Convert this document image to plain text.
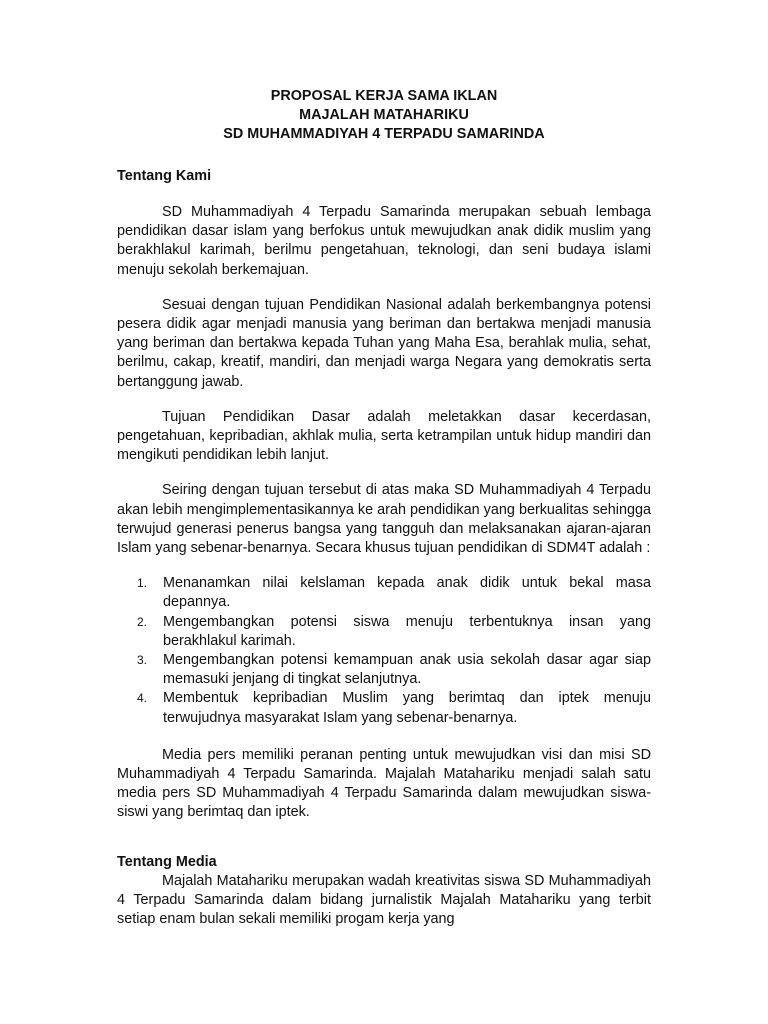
PROPOSAL KERJA SAMA IKLAN
MAJALAH MATAHARIKU
SD MUHAMMADIYAH 4 TERPADU SAMARINDA
Tentang Kami

SD Muhammadiyah 4 Terpadu Samarinda merupakan sebuah lembaga pendidikan dasar islam yang berfokus untuk mewujudkan anak didik muslim yang berakhlakul karimah, berilmu pengetahuan, teknologi, dan seni budaya islami menuju sekolah berkemajuan.

Sesuai dengan tujuan Pendidikan Nasional adalah berkembangnya potensi pesera didik agar menjadi manusia yang beriman dan bertakwa menjadi manusia yang beriman dan bertakwa kepada Tuhan yang Maha Esa, berahlak mulia, sehat, berilmu, cakap, kreatif, mandiri, dan menjadi warga Negara yang demokratis serta bertanggung jawab.

Tujuan Pendidikan Dasar adalah meletakkan dasar kecerdasan, pengetahuan, kepribadian, akhlak mulia, serta ketrampilan untuk hidup mandiri dan mengikuti pendidikan lebih lanjut.

Seiring dengan tujuan tersebut di atas maka SD Muhammadiyah 4 Terpadu akan lebih mengimplementasikannya ke arah pendidikan yang berkualitas sehingga terwujud generasi penerus bangsa yang tangguh dan melaksanakan ajaran-ajaran Islam yang sebenar-benarnya. Secara khusus tujuan pendidikan di SDM4T adalah :

1. Menanamkan nilai kelslaman kepada anak didik untuk bekal masa depannya.
2. Mengembangkan potensi siswa menuju terbentuknya insan yang berakhlakul karimah.
3. Mengembangkan potensi kemampuan anak usia sekolah dasar agar siap memasuki jenjang di tingkat selanjutnya.
4. Membentuk kepribadian Muslim yang berimtaq dan iptek menuju terwujudnya masyarakat Islam yang sebenar-benarnya.

Media pers memiliki peranan penting untuk mewujudkan visi dan misi SD Muhammadiyah 4 Terpadu Samarinda. Majalah Matahariku menjadi salah satu media pers SD Muhammadiyah 4 Terpadu Samarinda dalam mewujudkan siswa-siswi yang berimtaq dan iptek.

Tentang Media

Majalah Matahariku merupakan wadah kreativitas siswa SD Muhammadiyah 4 Terpadu Samarinda dalam bidang jurnalistik Majalah Matahariku yang terbit setiap enam bulan sekali memiliki progam kerja yang
